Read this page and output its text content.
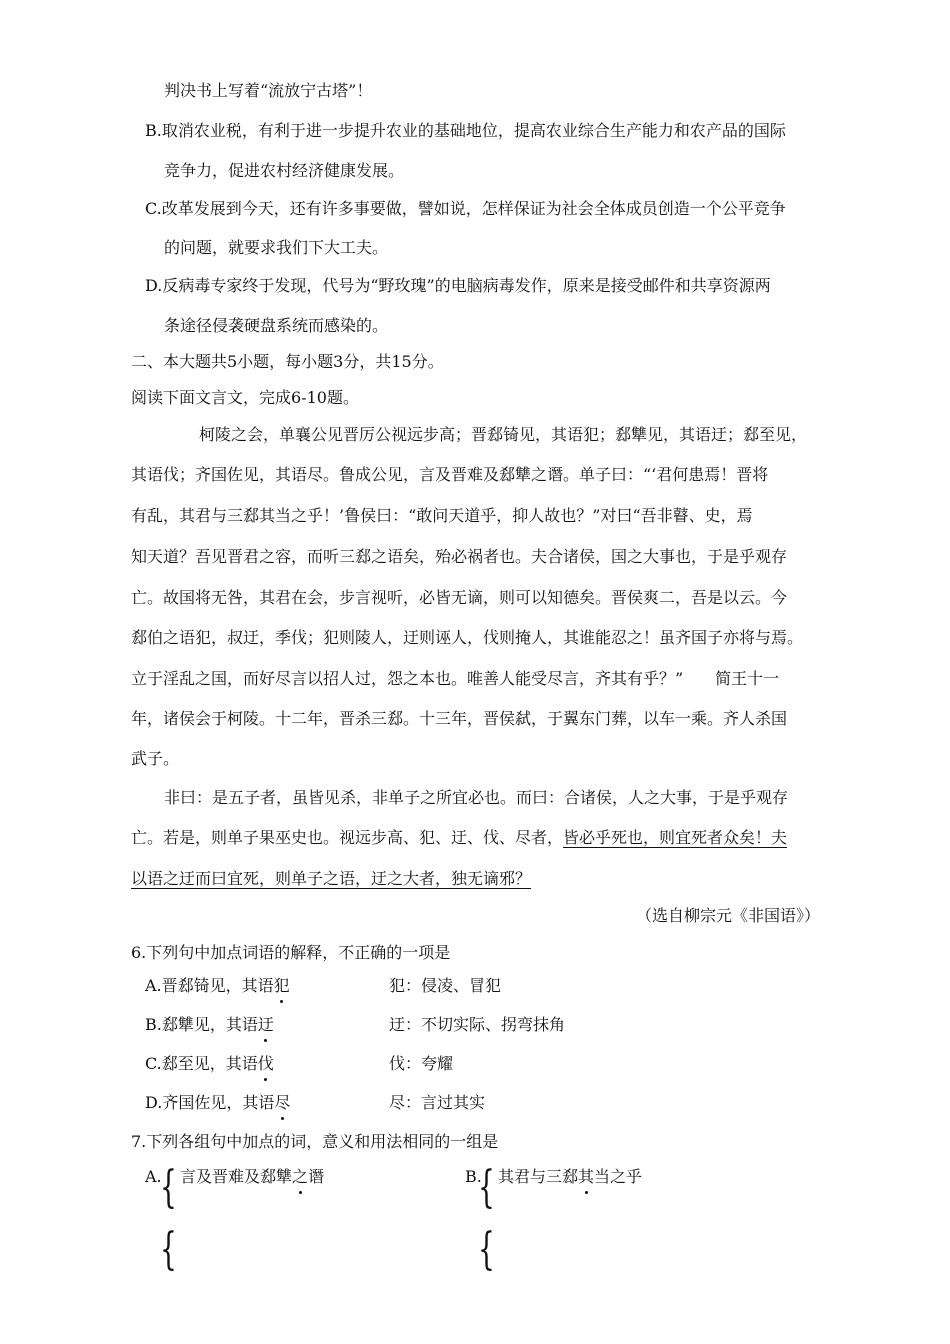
判决书上写着“流放宁古塔”！
B.取消农业税，有利于进一步提升农业的基础地位，提高农业综合生产能力和农产品的国际
竞争力，促进农村经济健康发展。
C.改革发展到今天，还有许多事要做，譬如说，怎样保证为社会全体成员创造一个公平竞争
的问题，就要求我们下大工夫。
D.反病毒专家终于发现，代号为“野玫瑰”的电脑病毒发作，原来是接受邮件和共享资源两
条途径侵袭硬盘系统而感染的。
二、本大题共5小题，每小题3分，共15分。
阅读下面文言文，完成6-10题。
柯陵之会，单襄公见晋厉公视远步高；晋郄锜见，其语犯；郄犨见，其语迂；郄至见，
其语伐；齐国佐见，其语尽。鲁成公见，言及晋难及郄犨之谮。单子曰：“‘君何患焉！晋将
有乱，其君与三郄其当之乎！’鲁侯曰：“敢问天道乎，抑人故也？”对曰“吾非瞽、史，焉
知天道？吾见晋君之容，而听三郄之语矣，殆必祸者也。夫合诸侯，国之大事也，于是乎观存
亡。故国将无咎，其君在会，步言视听，必皆无谪，则可以知德矣。晋侯爽二，吾是以云。今
郄伯之语犯，叔迂，季伐；犯则陵人，迂则诬人，伐则掩人，其谁能忍之！虽齐国子亦将与焉。
立于淫乱之国，而好尽言以招人过，怨之本也。唯善人能受尽言，齐其有乎？”　　简王十一
年，诸侯会于柯陵。十二年，晋杀三郄。十三年，晋侯弑，于翼东门葬，以车一乘。齐人杀国
武子。
非曰：是五子者，虽皆见杀，非单子之所宜必也。而曰：合诸侯，人之大事，于是乎观存
亡。若是，则单子果巫史也。视远步高、犯、迂、伐、尽者，皆必乎死也，则宜死者众矣！夫
以语之迂而曰宜死，则单子之语，迂之大者，独无谪邪？
（选自柳宗元《非国语》）
6.下列句中加点词语的解释，不正确的一项是
A.晋郄锜见，其语犯	犯：侵凌、冒犯
B.郄犨见，其语迂	迂：不切实际、拐弯抹角
C.郄至见，其语伐	伐：夸耀
D.齐国佐见，其语尽	尽：言过其实
7.下列各组句中加点的词，意义和用法相同的一组是
A.
{ 言及晋难及郄犨之谮
{
B.
{ 其君与三郄其当之乎
{
